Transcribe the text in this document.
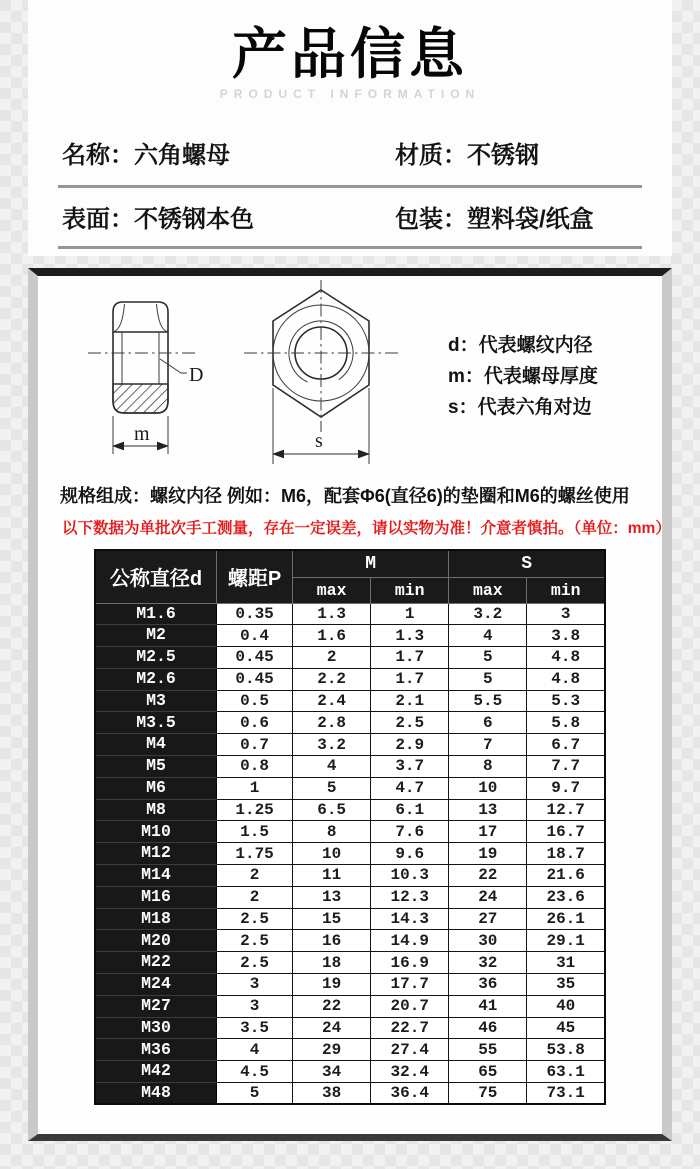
产品信息
PRODUCT INFORMATION
名称：六角螺母	材质：不锈钢
表面：不锈钢本色	包装：塑料袋/纸盒
D
m	s
d：代表螺纹内径
m：代表螺母厚度
s：代表六角对边
规格组成：螺纹内径 例如：M6，配套Φ6(直径6)的垫圈和M6的螺丝使用
以下数据为单批次手工测量，存在一定误差，请以实物为准！介意者慎拍。（单位：mm）
公称直径d	螺距P	M		S	
		max	min	max	min
M1.6	0.35	1.3	1	3.2	3
M2	0.4	1.6	1.3	4	3.8
M2.5	0.45	2	1.7	5	4.8
M2.6	0.45	2.2	1.7	5	4.8
M3	0.5	2.4	2.1	5.5	5.3
M3.5	0.6	2.8	2.5	6	5.8
M4	0.7	3.2	2.9	7	6.7
M5	0.8	4	3.7	8	7.7
M6	1	5	4.7	10	9.7
M8	1.25	6.5	6.1	13	12.7
M10	1.5	8	7.6	17	16.7
M12	1.75	10	9.6	19	18.7
M14	2	11	10.3	22	21.6
M16	2	13	12.3	24	23.6
M18	2.5	15	14.3	27	26.1
M20	2.5	16	14.9	30	29.1
M22	2.5	18	16.9	32	31
M24	3	19	17.7	36	35
M27	3	22	20.7	41	40
M30	3.5	24	22.7	46	45
M36	4	29	27.4	55	53.8
M42	4.5	34	32.4	65	63.1
M48	5	38	36.4	75	73.1
